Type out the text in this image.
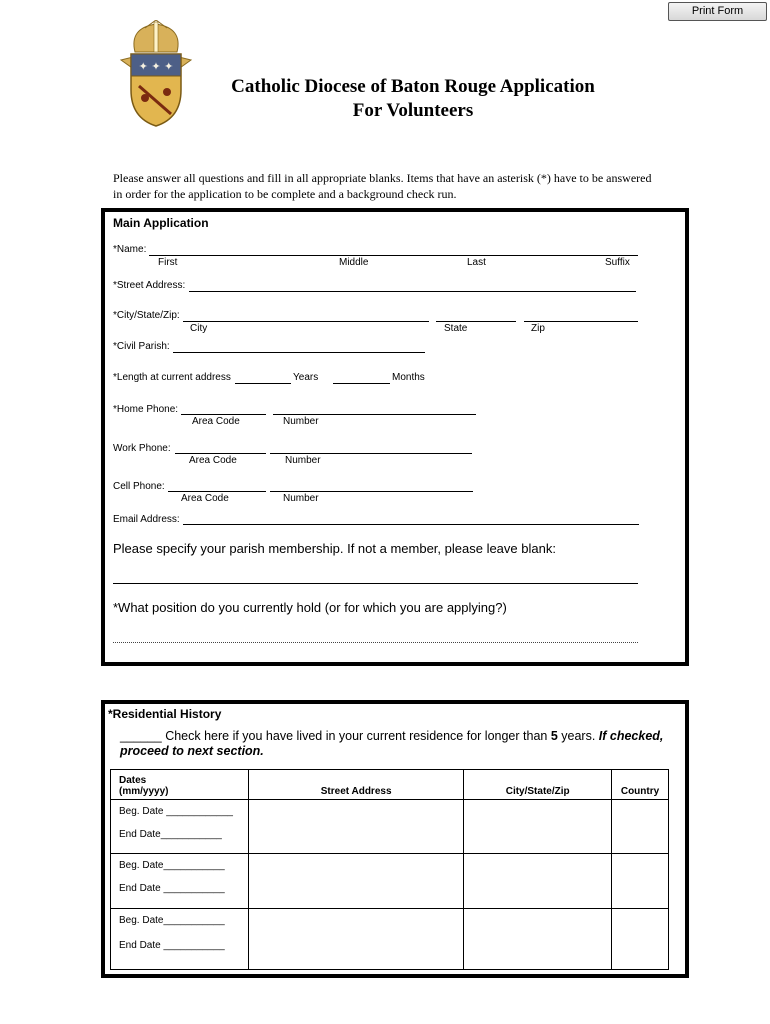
Print Form
✦ ✦ ✦
Catholic Diocese of Baton Rouge Application
For Volunteers
Please answer all questions and fill in all appropriate blanks. Items that have an asterisk (*) have to be answered in order for the application to be complete and a background check run.
Main Application
*Name:
First	Middle	Last	Suffix
*Street Address:
*City/State/Zip:
City	State	Zip
*Civil Parish:
*Length at current address	Years	Months
*Home Phone:
Area Code	Number
Work Phone:
Area Code	Number
Cell Phone:
Area Code	Number
Email Address:
Please specify your parish membership. If not a member, please leave blank:
*What position do you currently hold (or for which you are applying?)
*Residential History
______ Check here if you have lived in your current residence for longer than 5 years. If checked,
proceed to next section.
Dates
(mm/yyyy)	Street Address	City/State/Zip	Country

Beg. Date ____________
End Date___________			

Beg. Date___________
End Date ___________			

Beg. Date___________
End Date ___________			
